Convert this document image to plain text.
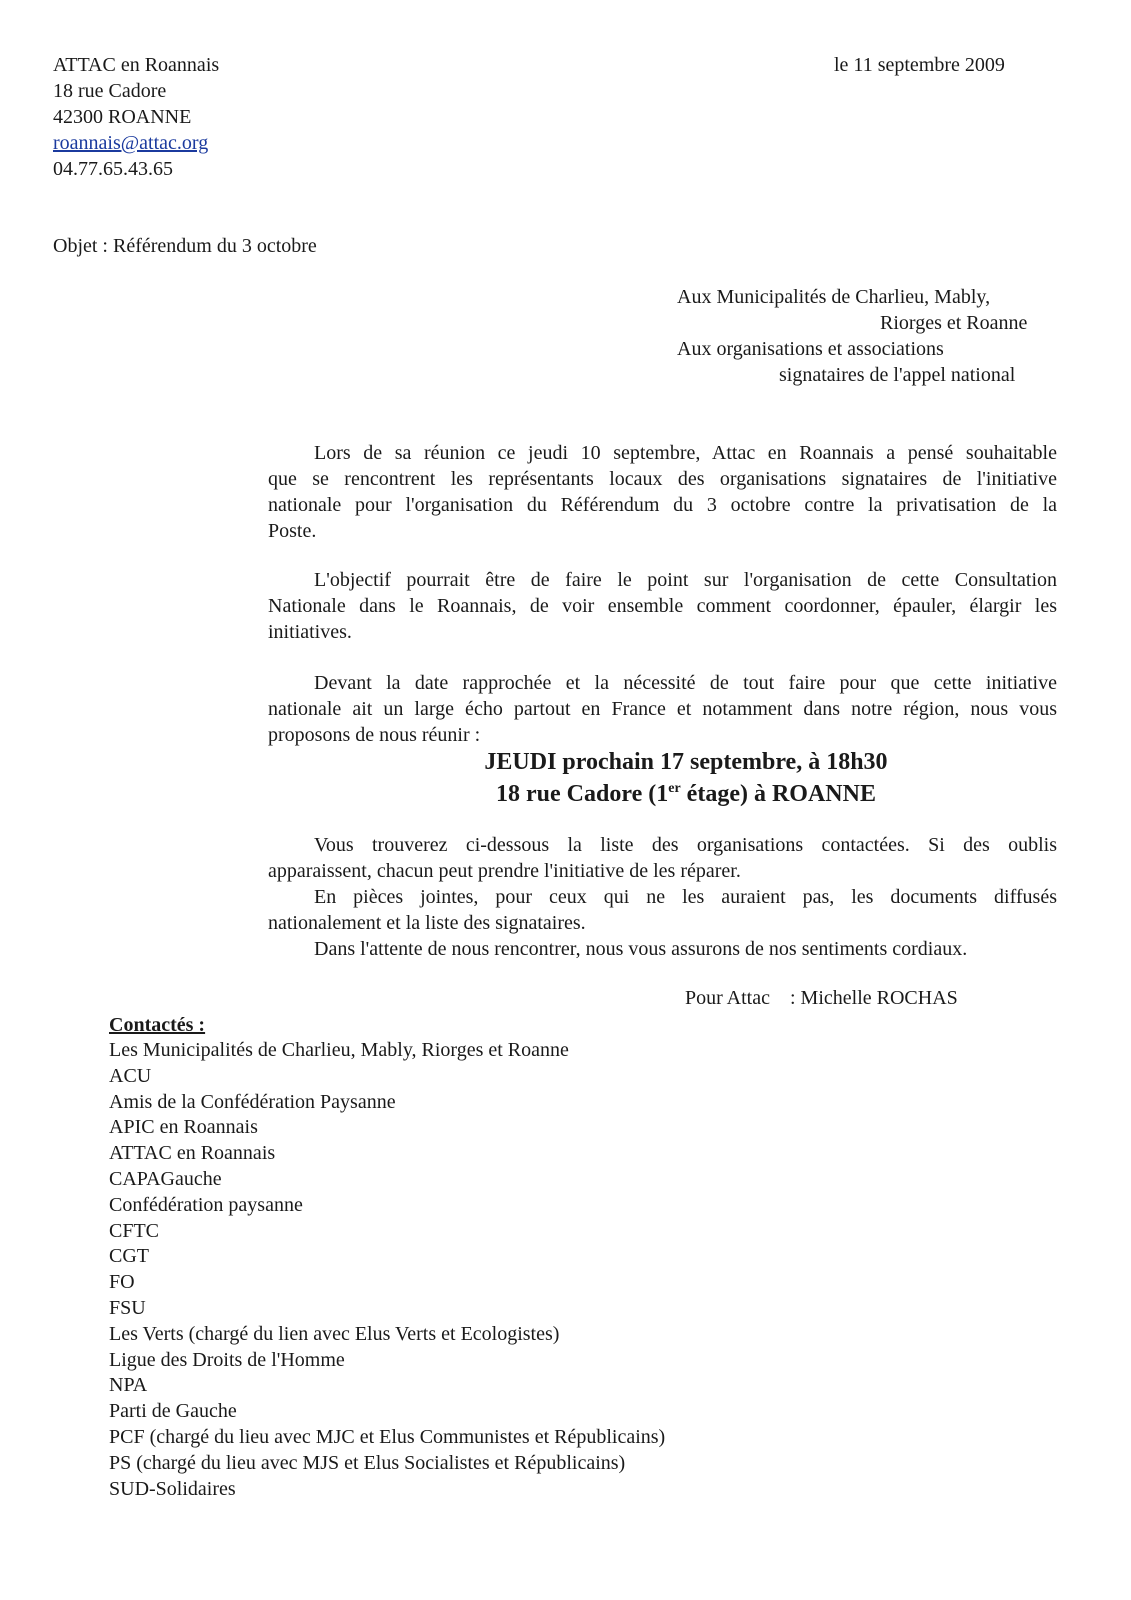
ATTAC en Roannais
18 rue Cadore
42300 ROANNE
roannais@attac.org
04.77.65.43.65
le 11 septembre 2009
Objet : Référendum du 3 octobre
Aux Municipalités de Charlieu, Mably,
Riorges et Roanne
Aux organisations et associations
signataires de l'appel national
Lors de sa réunion ce jeudi 10 septembre, Attac en Roannais a pensé souhaitable
que se rencontrent les représentants locaux des organisations signataires de l'initiative
nationale pour l'organisation du Référendum du 3 octobre contre la privatisation de la
Poste.
L'objectif pourrait être de faire le point sur l'organisation de cette Consultation
Nationale dans le Roannais, de voir ensemble comment coordonner, épauler, élargir les
initiatives.
Devant la date rapprochée et la nécessité de tout faire pour que cette initiative
nationale ait un large écho partout en France et notamment dans notre région, nous vous
proposons de nous réunir :
JEUDI prochain 17 septembre, à 18h30
18 rue Cadore (1er étage) à ROANNE
Vous trouverez ci-dessous la liste des organisations contactées. Si des oublis
apparaissent, chacun peut prendre l'initiative de les réparer.
En pièces jointes, pour ceux qui ne les auraient pas, les documents diffusés
nationalement et la liste des signataires.
Dans l'attente de nous rencontrer, nous vous assurons de nos sentiments cordiaux.
Pour Attac : Michelle ROCHAS
Contactés :
Les Municipalités de Charlieu, Mably, Riorges et Roanne
ACU
Amis de la Confédération Paysanne
APIC en Roannais
ATTAC en Roannais
CAPAGauche
Confédération paysanne
CFTC
CGT
FO
FSU
Les Verts (chargé du lien avec Elus Verts et Ecologistes)
Ligue des Droits de l'Homme
NPA
Parti de Gauche
PCF (chargé du lieu avec MJC et Elus Communistes et Républicains)
PS (chargé du lieu avec MJS et Elus Socialistes et Républicains)
SUD-Solidaires
